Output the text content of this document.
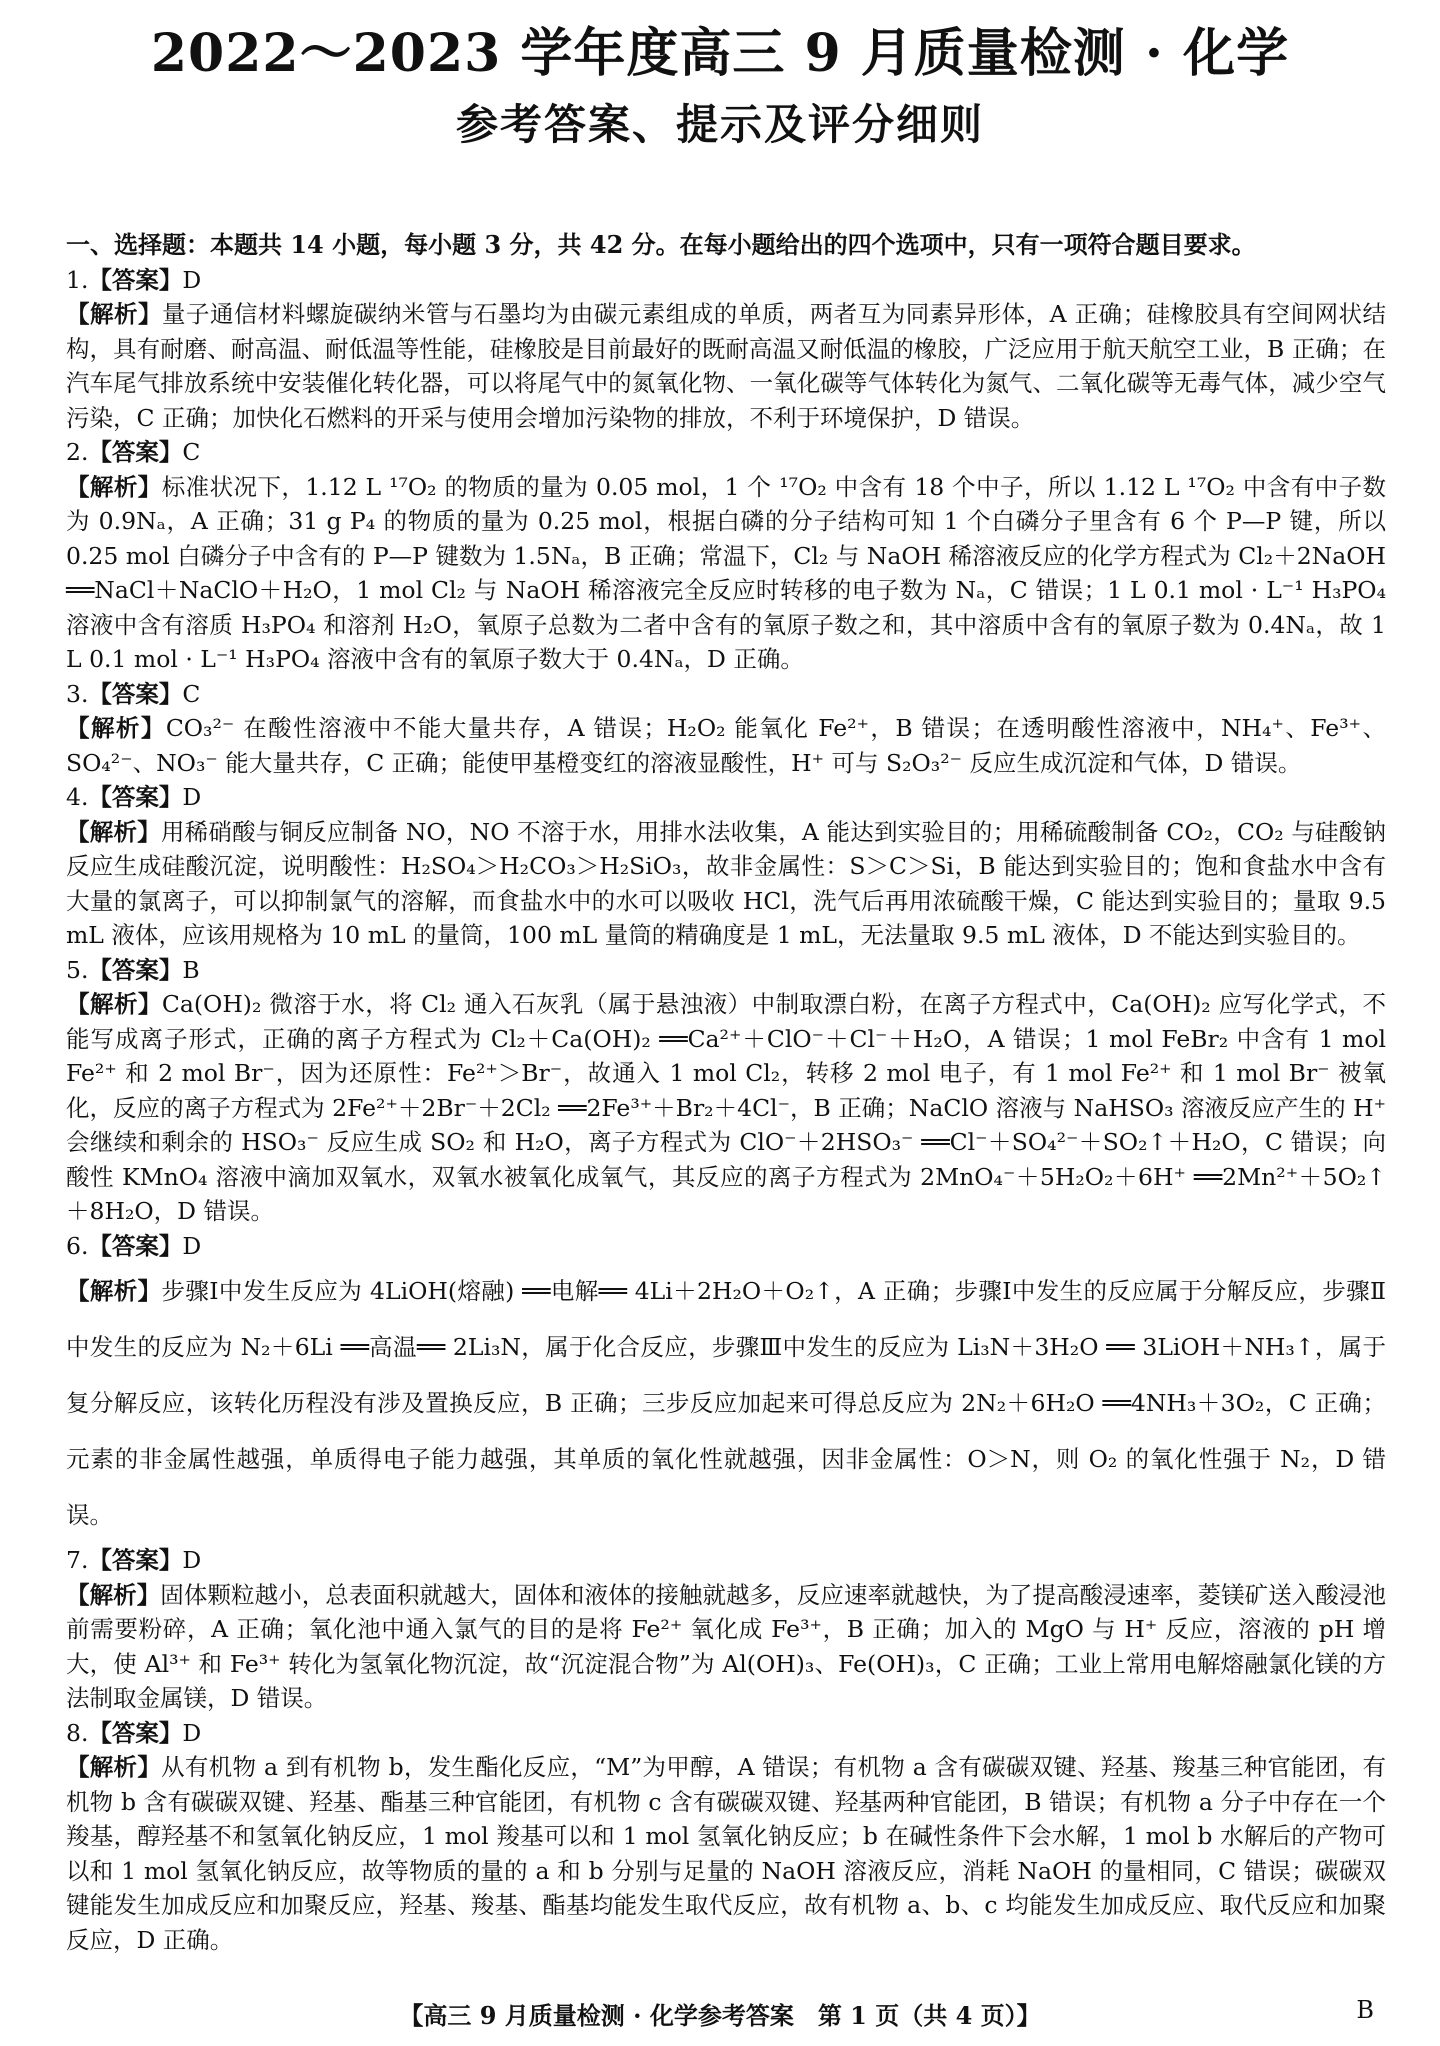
2022～2023 学年度高三 9 月质量检测 · 化学
参考答案、提示及评分细则

一、选择题：本题共 14 小题，每小题 3 分，共 42 分。在每小题给出的四个选项中，只有一项符合题目要求。

1.【答案】D

【解析】量子通信材料螺旋碳纳米管与石墨均为由碳元素组成的单质，两者互为同素异形体，A 正确；硅橡胶具有空间网状结构，具有耐磨、耐高温、耐低温等性能，硅橡胶是目前最好的既耐高温又耐低温的橡胶，广泛应用于航天航空工业，B 正确；在汽车尾气排放系统中安装催化转化器，可以将尾气中的氮氧化物、一氧化碳等气体转化为氮气、二氧化碳等无毒气体，减少空气污染，C 正确；加快化石燃料的开采与使用会增加污染物的排放，不利于环境保护，D 错误。

2.【答案】C

【解析】标准状况下，1.12 L ¹⁷O₂ 的物质的量为 0.05 mol，1 个 ¹⁷O₂ 中含有 18 个中子，所以 1.12 L ¹⁷O₂ 中含有中子数为 0.9Nₐ，A 正确；31 g P₄ 的物质的量为 0.25 mol，根据白磷的分子结构可知 1 个白磷分子里含有 6 个 P—P 键，所以 0.25 mol 白磷分子中含有的 P—P 键数为 1.5Nₐ，B 正确；常温下，Cl₂ 与 NaOH 稀溶液反应的化学方程式为 Cl₂＋2NaOH ══NaCl＋NaClO＋H₂O，1 mol Cl₂ 与 NaOH 稀溶液完全反应时转移的电子数为 Nₐ，C 错误；1 L 0.1 mol · L⁻¹ H₃PO₄ 溶液中含有溶质 H₃PO₄ 和溶剂 H₂O，氧原子总数为二者中含有的氧原子数之和，其中溶质中含有的氧原子数为 0.4Nₐ，故 1 L 0.1 mol · L⁻¹ H₃PO₄ 溶液中含有的氧原子数大于 0.4Nₐ，D 正确。

3.【答案】C

【解析】CO₃²⁻ 在酸性溶液中不能大量共存，A 错误；H₂O₂ 能氧化 Fe²⁺，B 错误；在透明酸性溶液中，NH₄⁺、Fe³⁺、SO₄²⁻、NO₃⁻ 能大量共存，C 正确；能使甲基橙变红的溶液显酸性，H⁺ 可与 S₂O₃²⁻ 反应生成沉淀和气体，D 错误。

4.【答案】D

【解析】用稀硝酸与铜反应制备 NO，NO 不溶于水，用排水法收集，A 能达到实验目的；用稀硫酸制备 CO₂，CO₂ 与硅酸钠反应生成硅酸沉淀，说明酸性：H₂SO₄＞H₂CO₃＞H₂SiO₃，故非金属性：S＞C＞Si，B 能达到实验目的；饱和食盐水中含有大量的氯离子，可以抑制氯气的溶解，而食盐水中的水可以吸收 HCl，洗气后再用浓硫酸干燥，C 能达到实验目的；量取 9.5 mL 液体，应该用规格为 10 mL 的量筒，100 mL 量筒的精确度是 1 mL，无法量取 9.5 mL 液体，D 不能达到实验目的。

5.【答案】B

【解析】Ca(OH)₂ 微溶于水，将 Cl₂ 通入石灰乳（属于悬浊液）中制取漂白粉，在离子方程式中，Ca(OH)₂ 应写化学式，不能写成离子形式，正确的离子方程式为 Cl₂＋Ca(OH)₂ ══Ca²⁺＋ClO⁻＋Cl⁻＋H₂O，A 错误；1 mol FeBr₂ 中含有 1 mol Fe²⁺ 和 2 mol Br⁻，因为还原性：Fe²⁺＞Br⁻，故通入 1 mol Cl₂，转移 2 mol 电子，有 1 mol Fe²⁺ 和 1 mol Br⁻ 被氧化，反应的离子方程式为 2Fe²⁺＋2Br⁻＋2Cl₂ ══2Fe³⁺＋Br₂＋4Cl⁻，B 正确；NaClO 溶液与 NaHSO₃ 溶液反应产生的 H⁺ 会继续和剩余的 HSO₃⁻ 反应生成 SO₂ 和 H₂O，离子方程式为 ClO⁻＋2HSO₃⁻ ══Cl⁻＋SO₄²⁻＋SO₂↑＋H₂O，C 错误；向酸性 KMnO₄ 溶液中滴加双氧水，双氧水被氧化成氧气，其反应的离子方程式为 2MnO₄⁻＋5H₂O₂＋6H⁺ ══2Mn²⁺＋5O₂↑＋8H₂O，D 错误。

6.【答案】D

【解析】步骤Ⅰ中发生反应为 4LiOH(熔融) ══电解══ 4Li＋2H₂O＋O₂↑，A 正确；步骤Ⅰ中发生的反应属于分解反应，步骤Ⅱ中发生的反应为 N₂＋6Li ══高温══ 2Li₃N，属于化合反应，步骤Ⅲ中发生的反应为 Li₃N＋3H₂O ══ 3LiOH＋NH₃↑，属于复分解反应，该转化历程没有涉及置换反应，B 正确；三步反应加起来可得总反应为 2N₂＋6H₂O ══4NH₃＋3O₂，C 正确；元素的非金属性越强，单质得电子能力越强，其单质的氧化性就越强，因非金属性：O＞N，则 O₂ 的氧化性强于 N₂，D 错误。

7.【答案】D

【解析】固体颗粒越小，总表面积就越大，固体和液体的接触就越多，反应速率就越快，为了提高酸浸速率，菱镁矿送入酸浸池前需要粉碎，A 正确；氧化池中通入氯气的目的是将 Fe²⁺ 氧化成 Fe³⁺，B 正确；加入的 MgO 与 H⁺ 反应，溶液的 pH 增大，使 Al³⁺ 和 Fe³⁺ 转化为氢氧化物沉淀，故“沉淀混合物”为 Al(OH)₃、Fe(OH)₃，C 正确；工业上常用电解熔融氯化镁的方法制取金属镁，D 错误。

8.【答案】D

【解析】从有机物 a 到有机物 b，发生酯化反应，“M”为甲醇，A 错误；有机物 a 含有碳碳双键、羟基、羧基三种官能团，有机物 b 含有碳碳双键、羟基、酯基三种官能团，有机物 c 含有碳碳双键、羟基两种官能团，B 错误；有机物 a 分子中存在一个羧基，醇羟基不和氢氧化钠反应，1 mol 羧基可以和 1 mol 氢氧化钠反应；b 在碱性条件下会水解，1 mol b 水解后的产物可以和 1 mol 氢氧化钠反应，故等物质的量的 a 和 b 分别与足量的 NaOH 溶液反应，消耗 NaOH 的量相同，C 错误；碳碳双键能发生加成反应和加聚反应，羟基、羧基、酯基均能发生取代反应，故有机物 a、b、c 均能发生加成反应、取代反应和加聚反应，D 正确。

【高三 9 月质量检测 · 化学参考答案　第 1 页（共 4 页）】	B
